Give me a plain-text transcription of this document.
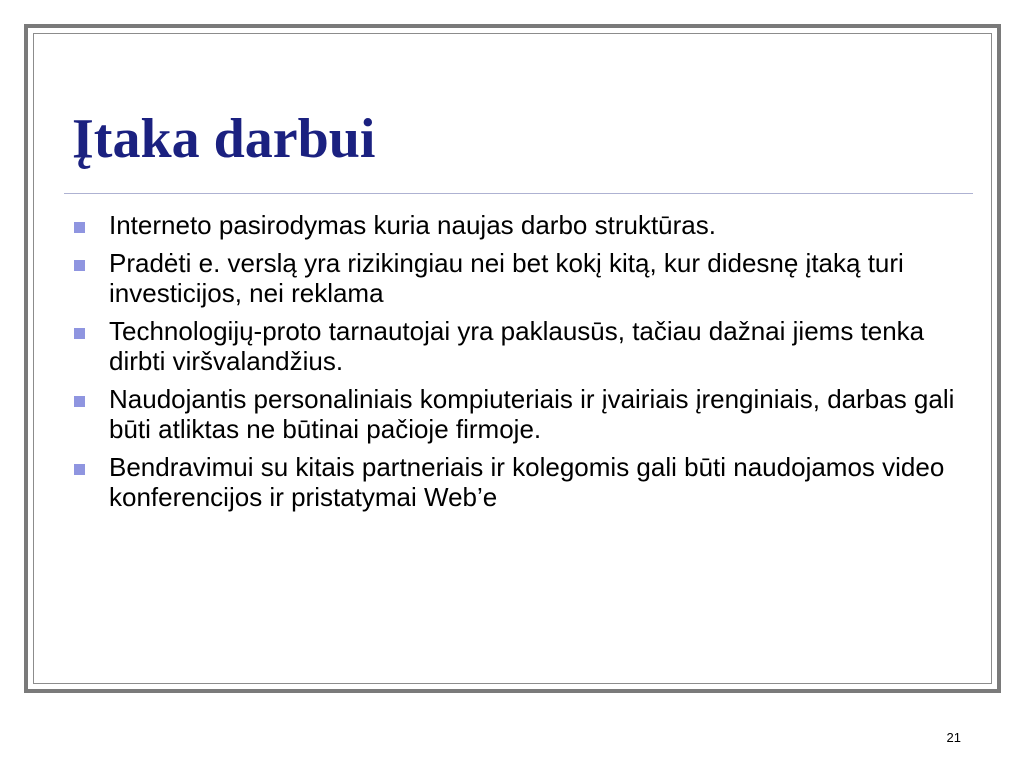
Įtaka darbui
Interneto pasirodymas kuria naujas darbo struktūras.
Pradėti e. verslą yra rizikingiau nei bet kokį kitą, kur didesnę įtaką turi investicijos, nei reklama
Technologijų-proto tarnautojai yra paklausūs, tačiau dažnai jiems tenka dirbti viršvalandžius.
Naudojantis personaliniais kompiuteriais ir įvairiais įrenginiais, darbas gali būti atliktas ne būtinai pačioje firmoje.
Bendravimui su kitais partneriais ir kolegomis gali būti naudojamos video konferencijos ir pristatymai Web’e
21
